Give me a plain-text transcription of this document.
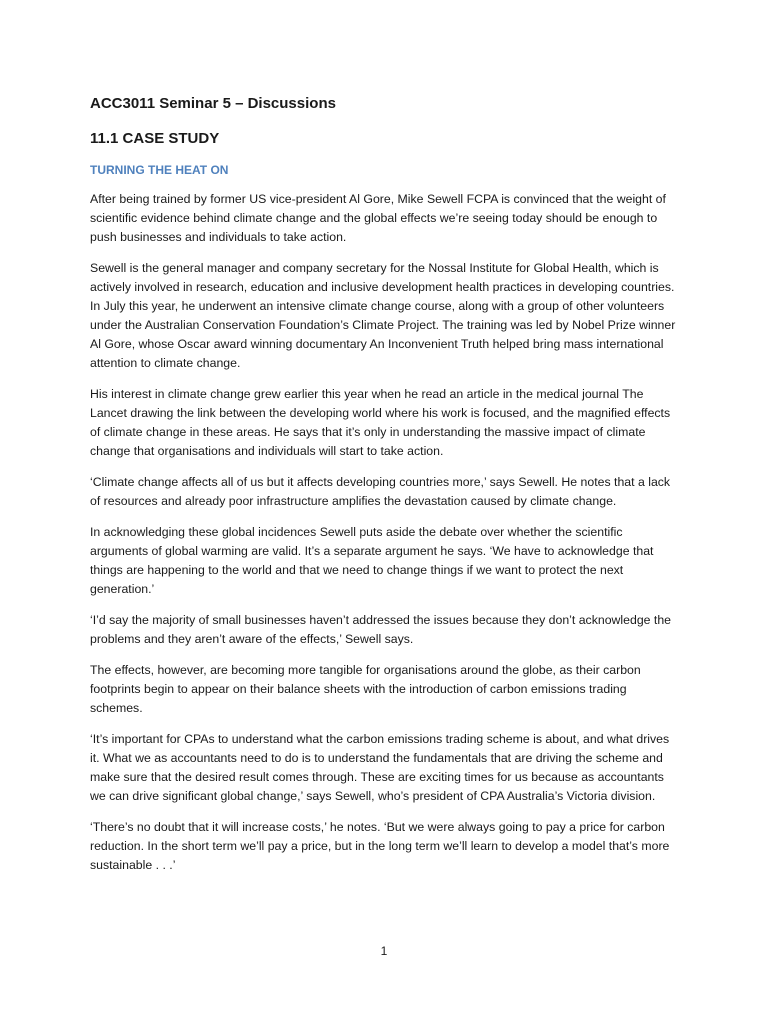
ACC3011 Seminar 5 – Discussions
11.1 CASE STUDY
TURNING THE HEAT ON

After being trained by former US vice-president Al Gore, Mike Sewell FCPA is convinced that the weight of scientific evidence behind climate change and the global effects we’re seeing today should be enough to push businesses and individuals to take action.

Sewell is the general manager and company secretary for the Nossal Institute for Global Health, which is actively involved in research, education and inclusive development health practices in developing countries. In July this year, he underwent an intensive climate change course, along with a group of other volunteers under the Australian Conservation Foundation’s Climate Project. The training was led by Nobel Prize winner Al Gore, whose Oscar award winning documentary An Inconvenient Truth helped bring mass international attention to climate change.

His interest in climate change grew earlier this year when he read an article in the medical journal The Lancet drawing the link between the developing world where his work is focused, and the magnified effects of climate change in these areas. He says that it’s only in understanding the massive impact of climate change that organisations and individuals will start to take action.

‘Climate change affects all of us but it affects developing countries more,’ says Sewell. He notes that a lack of resources and already poor infrastructure amplifies the devastation caused by climate change.

In acknowledging these global incidences Sewell puts aside the debate over whether the scientific arguments of global warming are valid. It’s a separate argument he says. ‘We have to acknowledge that things are happening to the world and that we need to change things if we want to protect the next generation.’

‘I’d say the majority of small businesses haven’t addressed the issues because they don’t acknowledge the problems and they aren’t aware of the effects,’ Sewell says.

The effects, however, are becoming more tangible for organisations around the globe, as their carbon footprints begin to appear on their balance sheets with the introduction of carbon emissions trading schemes.

‘It’s important for CPAs to understand what the carbon emissions trading scheme is about, and what drives it. What we as accountants need to do is to understand the fundamentals that are driving the scheme and make sure that the desired result comes through. These are exciting times for us because as accountants we can drive significant global change,’ says Sewell, who’s president of CPA Australia’s Victoria division.

‘There’s no doubt that it will increase costs,’ he notes. ‘But we were always going to pay a price for carbon reduction. In the short term we’ll pay a price, but in the long term we’ll learn to develop a model that’s more sustainable . . .’

1
